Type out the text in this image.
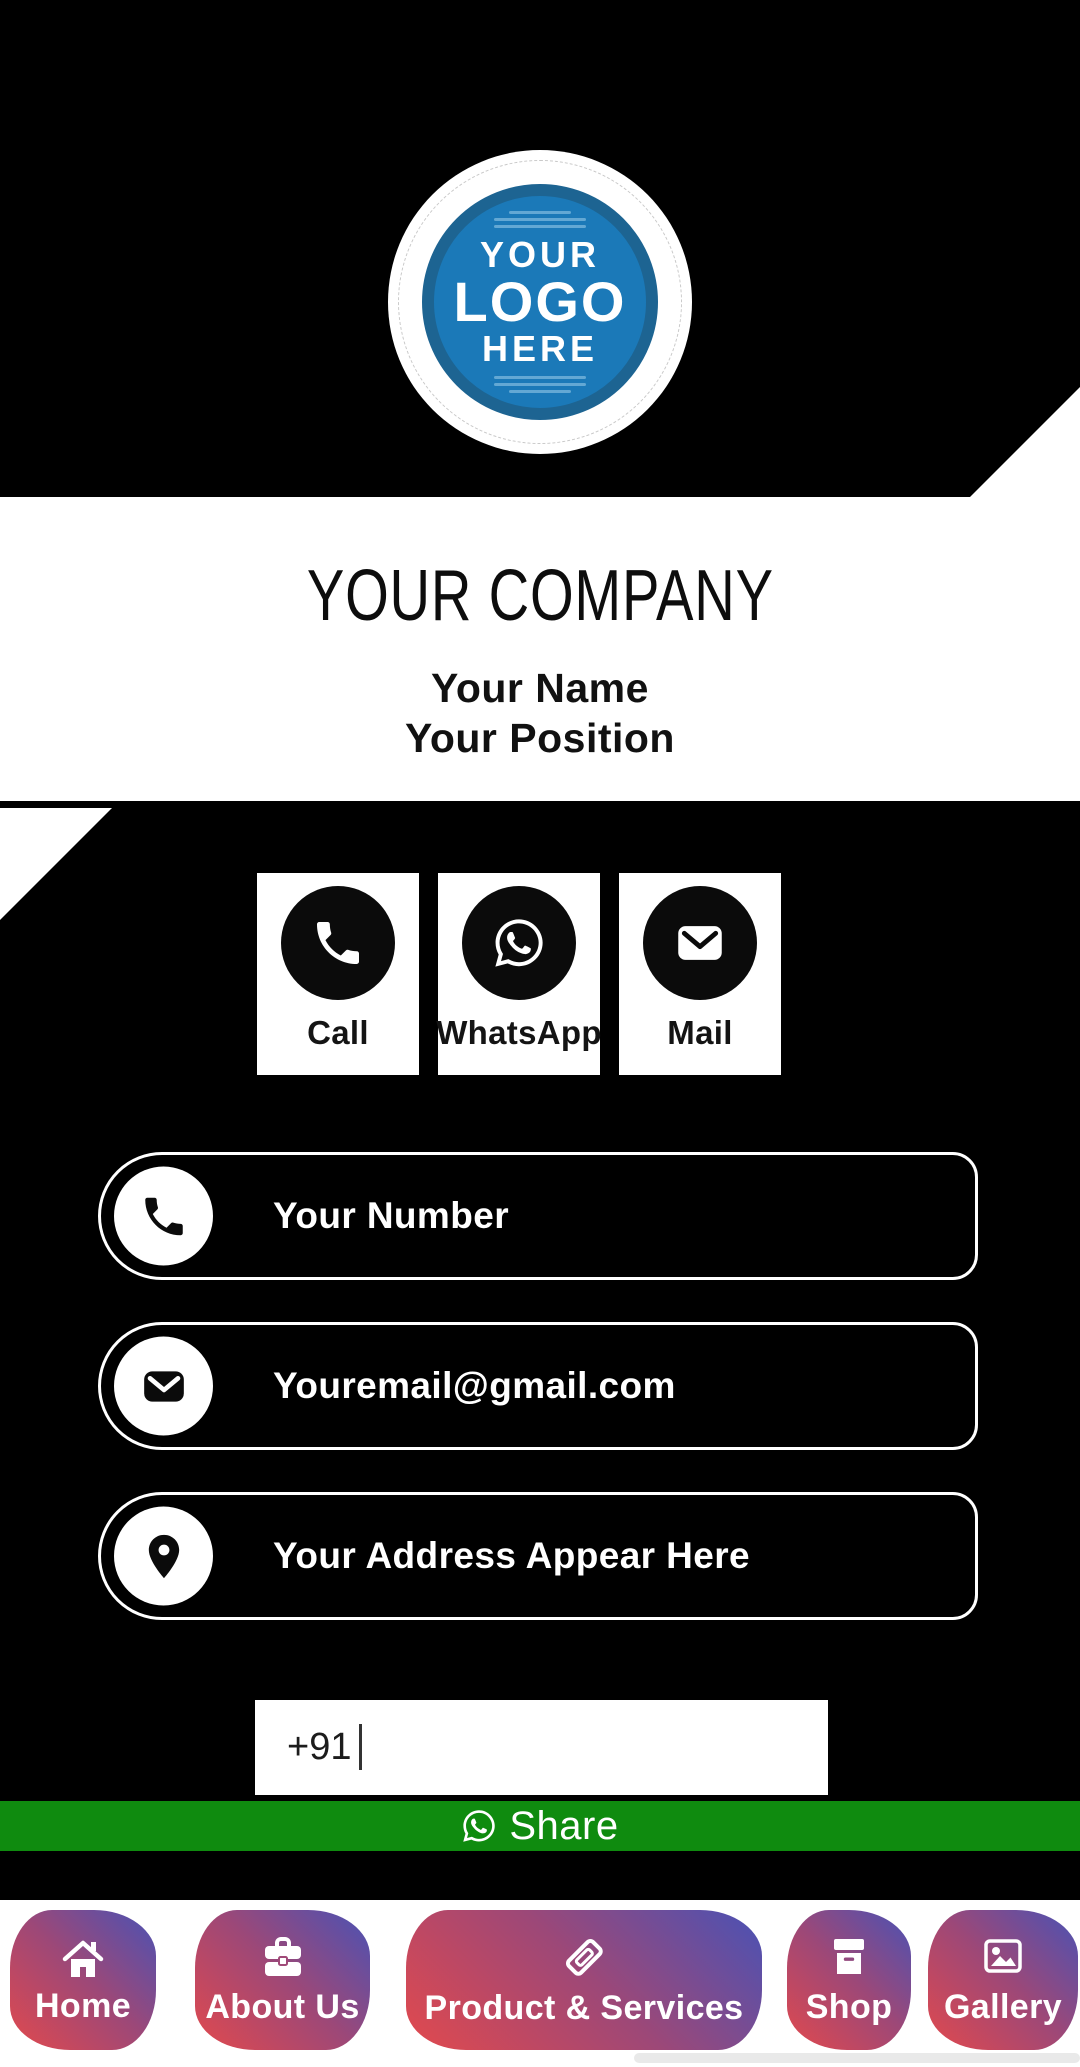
YOUR
LOGO
HERE
YOUR COMPANY
Your Name
Your Position
Call WhatsApp Mail
Your Number
Youremail@gmail.com
Your Address Appear Here
+91
Share
Home About Us Product & Services Shop Gallery
